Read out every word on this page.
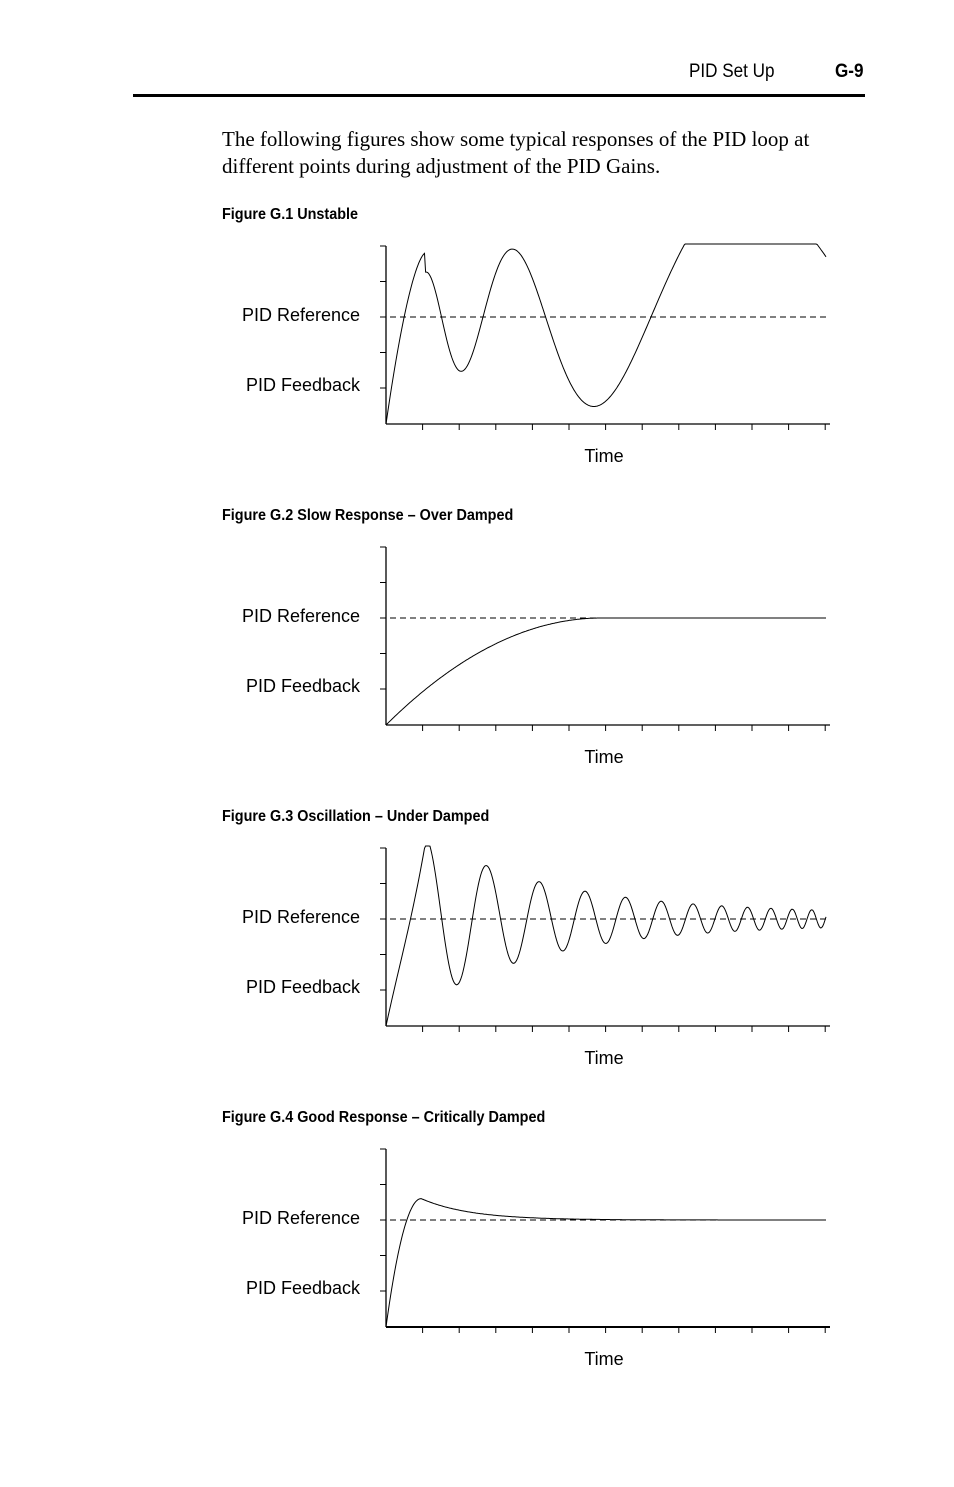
PID Set Up	G-9

The following figures show some typical responses of the PID loop at different points during adjustment of the PID Gains.

Figure G.1 Unstable
PID Reference
PID Feedback
Time
Figure G.2 Slow Response – Over Damped
PID Reference
PID Feedback
Time
Figure G.3 Oscillation – Under Damped
PID Reference
PID Feedback
Time
Figure G.4 Good Response – Critically Damped
PID Reference
PID Feedback
Time
